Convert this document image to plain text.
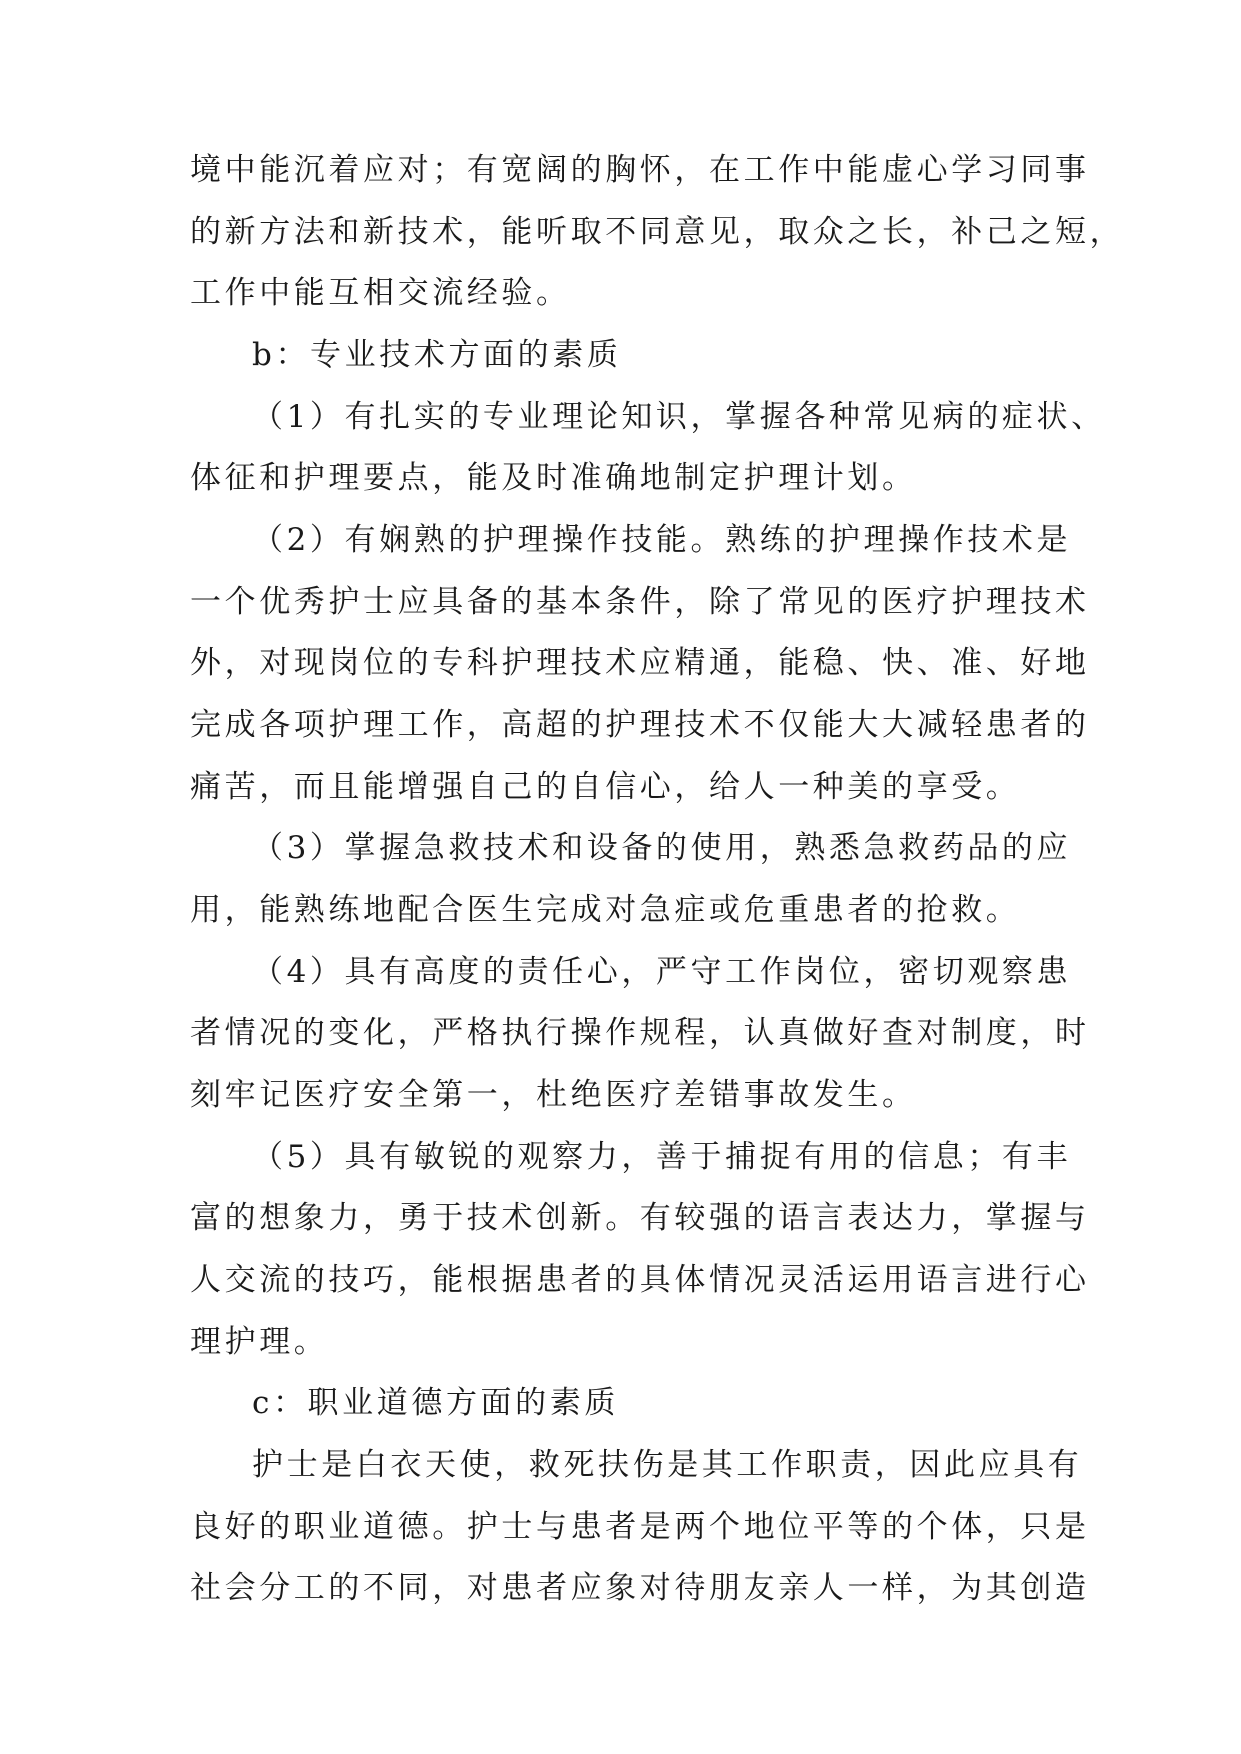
境中能沉着应对；有宽阔的胸怀，在工作中能虚心学习同事
的新方法和新技术，能听取不同意见，取众之长，补己之短，
工作中能互相交流经验。
b：专业技术方面的素质
（1）有扎实的专业理论知识，掌握各种常见病的症状、
体征和护理要点，能及时准确地制定护理计划。
（2）有娴熟的护理操作技能。熟练的护理操作技术是
一个优秀护士应具备的基本条件，除了常见的医疗护理技术
外，对现岗位的专科护理技术应精通，能稳、快、准、好地
完成各项护理工作，高超的护理技术不仅能大大减轻患者的
痛苦，而且能增强自己的自信心，给人一种美的享受。
（3）掌握急救技术和设备的使用，熟悉急救药品的应
用，能熟练地配合医生完成对急症或危重患者的抢救。
（4）具有高度的责任心，严守工作岗位，密切观察患
者情况的变化，严格执行操作规程，认真做好查对制度，时
刻牢记医疗安全第一，杜绝医疗差错事故发生。
（5）具有敏锐的观察力，善于捕捉有用的信息；有丰
富的想象力，勇于技术创新。有较强的语言表达力，掌握与
人交流的技巧，能根据患者的具体情况灵活运用语言进行心
理护理。
c：职业道德方面的素质
护士是白衣天使，救死扶伤是其工作职责，因此应具有
良好的职业道德。护士与患者是两个地位平等的个体，只是
社会分工的不同，对患者应象对待朋友亲人一样，为其创造
